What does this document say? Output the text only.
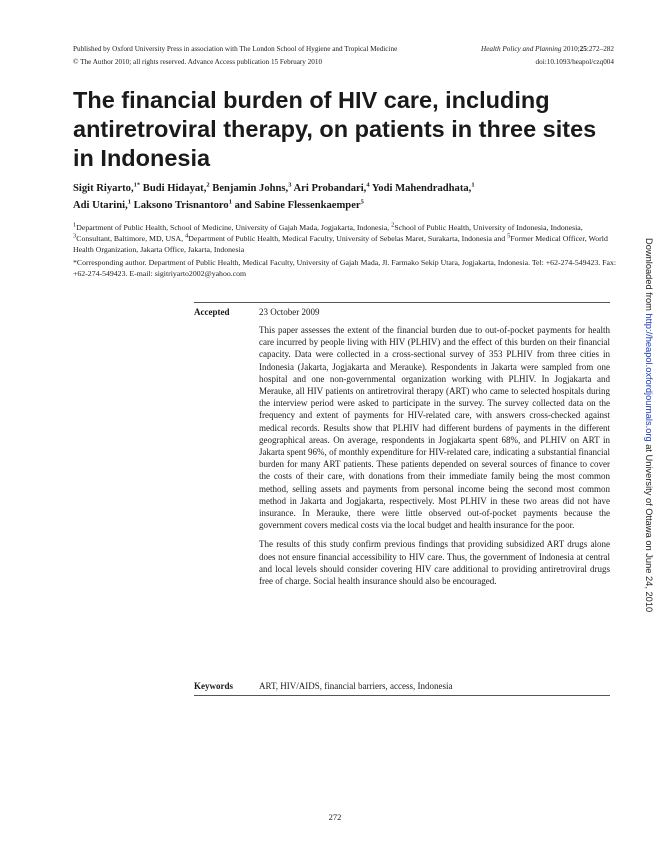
Published by Oxford University Press in association with The London School of Hygiene and Tropical Medicine
© The Author 2010; all rights reserved. Advance Access publication 15 February 2010
Health Policy and Planning 2010;25:272–282
doi:10.1093/heapol/czq004
The financial burden of HIV care, including antiretroviral therapy, on patients in three sites in Indonesia
Sigit Riyarto,$^{1*}$ Budi Hidayat,$^2$ Benjamin Johns,$^3$ Ari Probandari,$^4$ Yodi Mahendradhata,$^1$
Adi Utarini,$^1$ Laksono Trisnantoro$^1$ and Sabine Flessenkaemper$^5$
$^1$Department of Public Health, School of Medicine, University of Gajah Mada, Jogjakarta, Indonesia, $^2$School of Public Health, University of Indonesia, Indonesia, $^3$Consultant, Baltimore, MD, USA, $^4$Department of Public Health, Medical Faculty, University of Sebelas Maret, Surakarta, Indonesia and $^5$Former Medical Officer, World Health Organization, Jakarta Office, Jakarta, Indonesia
*Corresponding author. Department of Public Health, Medical Faculty, University of Gajah Mada, Jl. Farmako Sekip Utara, Jogjakarta, Indonesia. Tel: +62-274-549423. Fax: +62-274-549423. E-mail: sigitriyarto2002@yahoo.com	Downloaded from http://heapol.oxfordjournals.org at University of Ottawa on June 24, 2010
Accepted	23 October 2009

This paper assesses the extent of the financial burden due to out-of-pocket payments for health care incurred by people living with HIV (PLHIV) and the effect of this burden on their financial capacity. Data were collected in a cross-sectional survey of 353 PLHIV from three cities in Indonesia (Jakarta, Jogjakarta and Merauke). Respondents in Jakarta were sampled from one hospital and one non-governmental organization working with PLHIV. In Jogjakarta and Merauke, all HIV patients on antiretroviral therapy (ART) who came to selected hospitals during the interview period were asked to participate in the survey. The survey collected data on the frequency and extent of payments for HIV-related care, with answers cross-checked against medical records. Results show that PLHIV had different burdens of payments in the different geographical areas. On average, respondents in Jogjakarta spent 68%, and PLHIV on ART in Jakarta spent 96%, of monthly expenditure for HIV-related care, indicating a substantial financial burden for many ART patients. These patients depended on several sources of finance to cover the costs of their care, with donations from their immediate family being the most common method, selling assets and payments from personal income being the second most common method in Jakarta and Jogjakarta, respectively. Most PLHIV in these two areas did not have insurance. In Merauke, there were little observed out-of-pocket payments because the government covers medical costs via the local budget and health insurance for the poor.

The results of this study confirm previous findings that providing subsidized ART drugs alone does not ensure financial accessibility to HIV care. Thus, the government of Indonesia at central and local levels should consider covering HIV care additional to providing antiretroviral drugs free of charge. Social health insurance should also be encouraged.

Keywords	ART, HIV/AIDS, financial barriers, access, Indonesia
272
